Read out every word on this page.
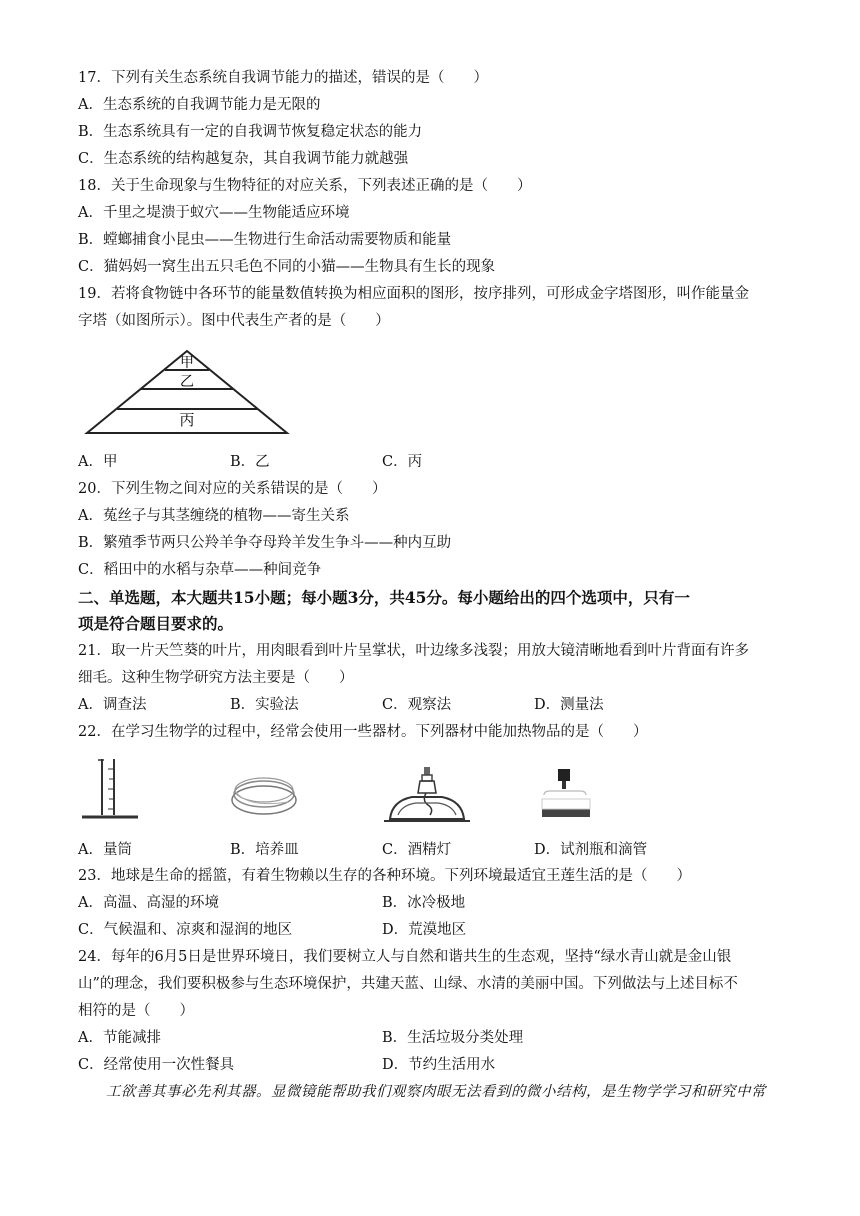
17．下列有关生态系统自我调节能力的描述，错误的是（　　）
A．生态系统的自我调节能力是无限的
B．生态系统具有一定的自我调节恢复稳定状态的能力
C．生态系统的结构越复杂，其自我调节能力就越强
18．关于生命现象与生物特征的对应关系，下列表述正确的是（　　）
A．千里之堤溃于蚁穴——生物能适应环境
B．螳螂捕食小昆虫——生物进行生命活动需要物质和能量
C．猫妈妈一窝生出五只毛色不同的小猫——生物具有生长的现象
19．若将食物链中各环节的能量数值转换为相应面积的图形，按序排列，可形成金字塔图形，叫作能量金
字塔（如图所示）。图中代表生产者的是（　　）
甲
乙
丙
A．甲	B．乙	C．丙
20．下列生物之间对应的关系错误的是（　　）
A．菟丝子与其茎缠绕的植物——寄生关系
B．繁殖季节两只公羚羊争夺母羚羊发生争斗——种内互助
C．稻田中的水稻与杂草——种间竞争
二、单选题，本大题共15小题；每小题3分，共45分。每小题给出的四个选项中，只有一
项是符合题目要求的。
21．取一片天竺葵的叶片，用肉眼看到叶片呈掌状，叶边缘多浅裂；用放大镜清晰地看到叶片背面有许多
细毛。这种生物学研究方法主要是（　　）
A．调查法	B．实验法	C．观察法	D．测量法
22．在学习生物学的过程中，经常会使用一些器材。下列器材中能加热物品的是（　　）
A．量筒	B．培养皿	C．酒精灯	D．试剂瓶和滴管
23．地球是生命的摇篮，有着生物赖以生存的各种环境。下列环境最适宜王莲生活的是（　　）
A．高温、高湿的环境	B．冰冷极地
C．气候温和、凉爽和湿润的地区	D．荒漠地区
24．每年的6月5日是世界环境日，我们要树立人与自然和谐共生的生态观，坚持“绿水青山就是金山银
山”的理念，我们要积极参与生态环境保护，共建天蓝、山绿、水清的美丽中国。下列做法与上述目标不
相符的是（　　）
A．节能减排	B．生活垃圾分类处理
C．经常使用一次性餐具	D．节约生活用水
工欲善其事必先利其器。显微镜能帮助我们观察肉眼无法看到的微小结构，是生物学学习和研究中常
